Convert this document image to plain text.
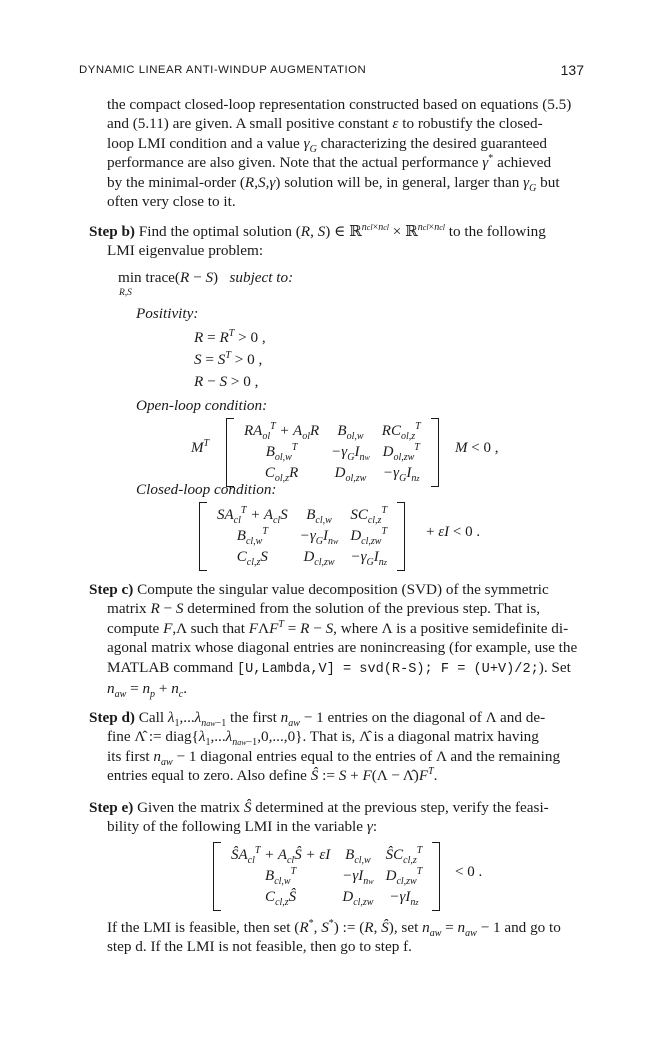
DYNAMIC LINEAR ANTI-WINDUP AUGMENTATION	137
the compact closed-loop representation constructed based on equations (5.5)
and (5.11) are given. A small positive constant ε to robustify the closed-
loop LMI condition and a value $\gamma_G$ characterizing the desired guaranteed
performance are also given. Note that the actual performance γ* achieved
by the minimal-order (R,S,γ) solution will be, in general, larger than $\gamma_G$ but
often very close to it.
Step b) Find the optimal solution (R, S) ∈ ℝ$^{ncl\times ncl}$ × ℝ$^{ncl\times ncl}$ to the following
LMI eigenvalue problem:
min trace(R − S)   subject to:
R,S
Positivity:
$R = R^T > 0$ ,
$S = S^T > 0$ ,
R − S > 0 ,
Open-loop condition:
$RA_{ol}^T + A_{ol}R$	$B_{ol,w}$	$RC_{ol,z}^T$
$B_{ol,w}^T$	$-\gamma_GI_{nw}$	$D_{ol,zw}^T$
$C_{ol,z}R$	$D_{ol,zw}$	$-\gamma_GI_{nz}$
$M^T$	M < 0 ,
Closed-loop condition:
$SA_{cl}^T + A_{cl}S$	$B_{cl,w}$	$SC_{cl,z}^T$
$B_{cl,w}^T$	$-\gamma_GI_{nw}$	$D_{cl,zw}^T$
$C_{cl,z}S$	$D_{cl,zw}$	$-\gamma_GI_{nz}$
+ εI < 0 .
Step c) Compute the singular value decomposition (SVD) of the symmetric
matrix R − S determined from the solution of the previous step. That is,
compute F,Λ such that $F\Lambda F^T = R - S$, where Λ is a positive semidefinite di-
agonal matrix whose diagonal entries are nonincreasing (for example, use the
MATLAB command [U,Lambda,V] = svd(R-S); F = (U+V)/2;). Set
$n_{aw} = n_p + n_c$.
Step d) Call $\lambda_1,...\lambda_{naw-1}$ the first $n_{aw} - 1$ entries on the diagonal of Λ and de-
fine Λ̂ := $diag\{\lambda_1,...\lambda_{naw-1},0,...,0\}$. That is, Λ̂ is a diagonal matrix having
its first $n_{aw} - 1$ diagonal entries equal to the entries of Λ and the remaining
entries equal to zero. Also define Ŝ := $S + F(\Lambda - \Lambdâ)F^T$.
Step e) Given the matrix Ŝ determined at the previous step, verify the feasi-
bility of the following LMI in the variable γ:
$ŜA_{cl}^T$ + $A_{cl}Ŝ + \varepsilon I$	$B_{cl,w}$	$ŜC_{cl,z}^T$
$B_{cl,w}^T$	$-\gamma I_{nw}$	$D_{cl,zw}^T$
$C_{cl,z}Ŝ$	$D_{cl,zw}$	$-\gamma I_{nz}$
< 0 .
If the LMI is feasible, then set (R*, S*) := (R, Ŝ), set $n_{aw} = n_{aw} - 1$ and go to
step d. If the LMI is not feasible, then go to step f.
